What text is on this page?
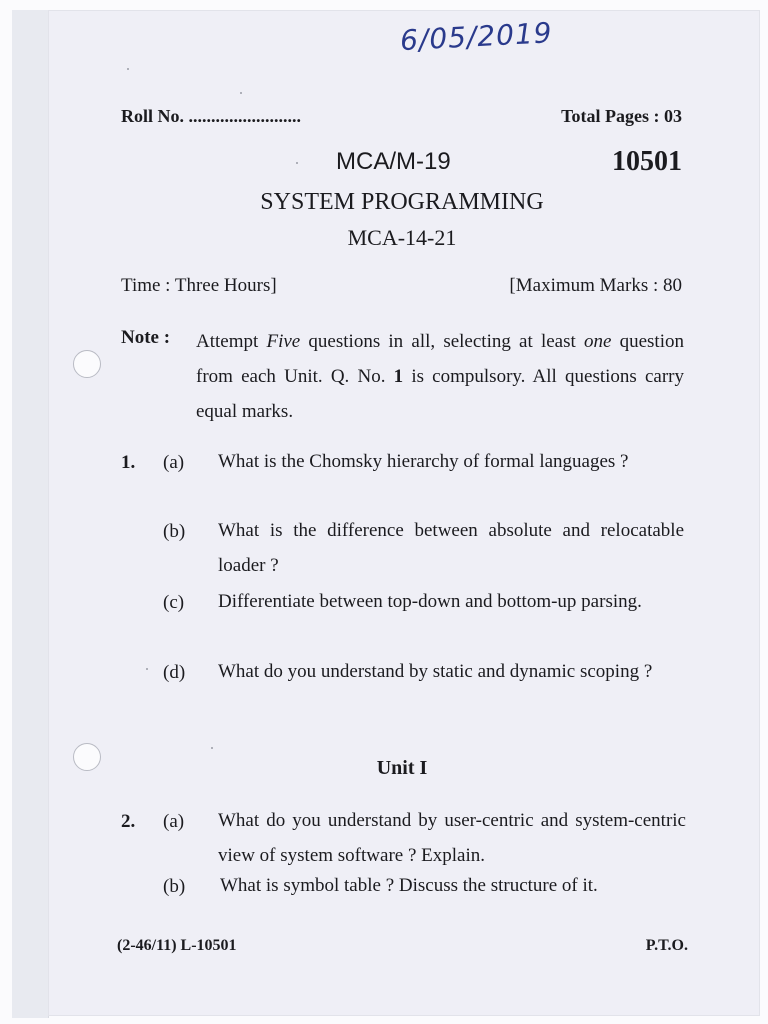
6/05/2019
Roll No. .........................	Total Pages : 03
MCA/M-19	10501
SYSTEM PROGRAMMING
MCA-14-21
Time : Three Hours]	[Maximum Marks : 80
Note : Attempt Five questions in all, selecting at least one question from each Unit. Q. No. 1 is compulsory. All questions carry equal marks.
1. (a) What is the Chomsky hierarchy of formal languages ?
(b) What is the difference between absolute and relocatable loader ?
(c) Differentiate between top-down and bottom-up parsing.
(d) What do you understand by static and dynamic scoping ?
Unit I
2. (a) What do you understand by user-centric and system-centric view of system software ? Explain.
(b) What is symbol table ? Discuss the structure of it.
(2-46/11) L-10501	P.T.O.
